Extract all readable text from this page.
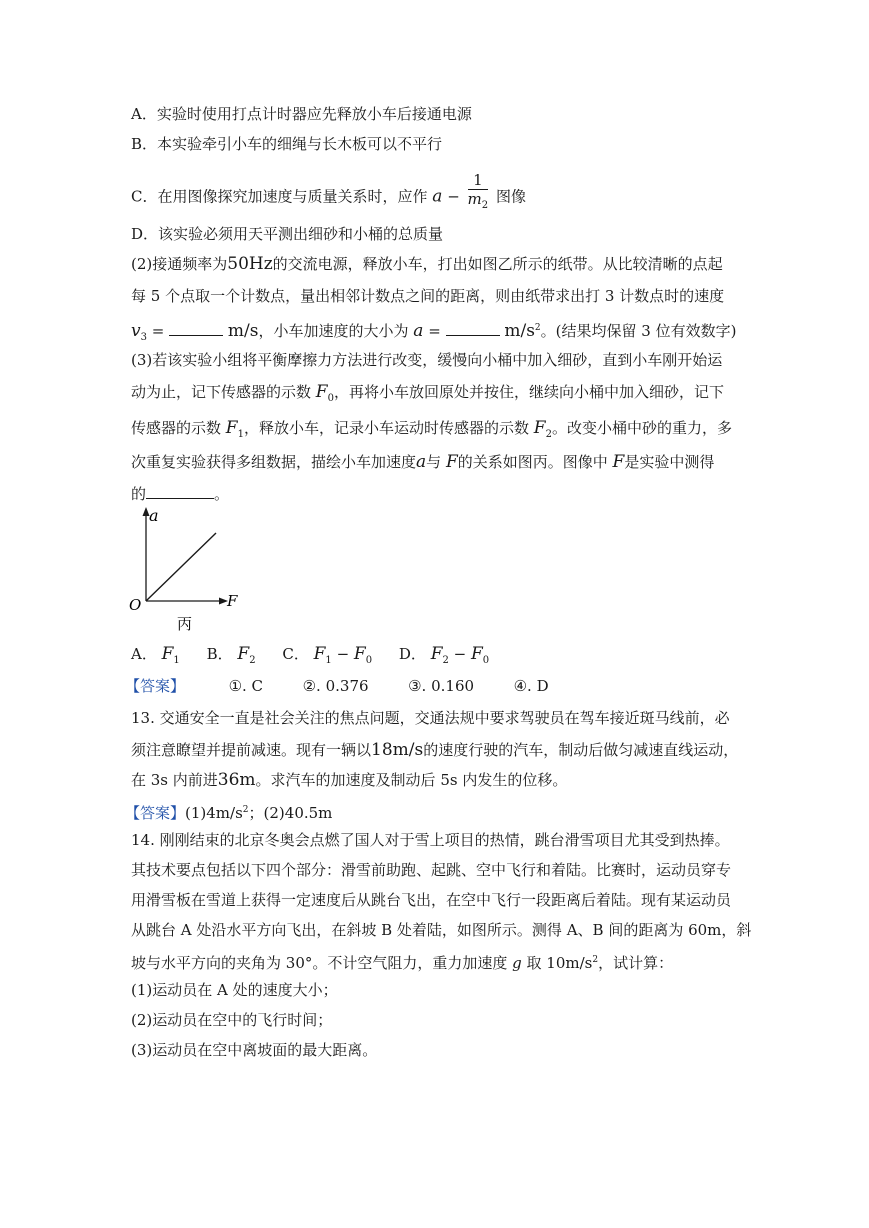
A．实验时使用打点计时器应先释放小车后接通电源
B．本实验牵引小车的细绳与长木板可以不平行
C．在用图像探究加速度与质量关系时，应作 $a - \frac{1}{m_2}$ 图像
D．该实验必须用天平测出细砂和小桶的总质量
(2)接通频率为50Hz的交流电源，释放小车，打出如图乙所示的纸带。从比较清晰的点起
每 5 个点取一个计数点，量出相邻计数点之间的距离，则由纸带求出打 3 计数点时的速度
$v_3$ =	m/s，小车加速度的大小为 a =	$m/s^2$。(结果均保留 3 位有效数字)
(3)若该实验小组将平衡摩擦力方法进行改变，缓慢向小桶中加入细砂，直到小车刚开始运
动为止，记下传感器的示数 $F_0$，再将小车放回原处并按住，继续向小桶中加入细砂，记下
传感器的示数 $F_1$，释放小车，记录小车运动时传感器的示数 $F_2$。改变小桶中砂的重力，多
次重复实验获得多组数据，描绘小车加速度a与 F的关系如图丙。图像中 F是实验中测得
的	。
a
F
O
丙
A． $F_1$ B． $F_2$ C． $F_1 - F_0$ D． $F_2 - F_0$
【答案】	①. C	②. 0.376	③. 0.160	④. D
13. 交通安全一直是社会关注的焦点问题，交通法规中要求驾驶员在驾车接近斑马线前，必
须注意瞭望并提前减速。现有一辆以18m/s的速度行驶的汽车，制动后做匀减速直线运动，
在 3s 内前进36m。求汽车的加速度及制动后 5s 内发生的位移。
【答案】$(1)4m/s^2$；(2)40.5m
14. 刚刚结束的北京冬奥会点燃了国人对于雪上项目的热情，跳台滑雪项目尤其受到热捧。
其技术要点包括以下四个部分：滑雪前助跑、起跳、空中飞行和着陆。比赛时，运动员穿专
用滑雪板在雪道上获得一定速度后从跳台飞出，在空中飞行一段距离后着陆。现有某运动员
从跳台 A 处沿水平方向飞出，在斜坡 B 处着陆，如图所示。测得 A、B 间的距离为 60m，斜
坡与水平方向的夹角为 30°。不计空气阻力，重力加速度 g 取 $10m/s^2$，试计算：
(1)运动员在 A 处的速度大小；
(2)运动员在空中的飞行时间；
(3)运动员在空中离坡面的最大距离。
